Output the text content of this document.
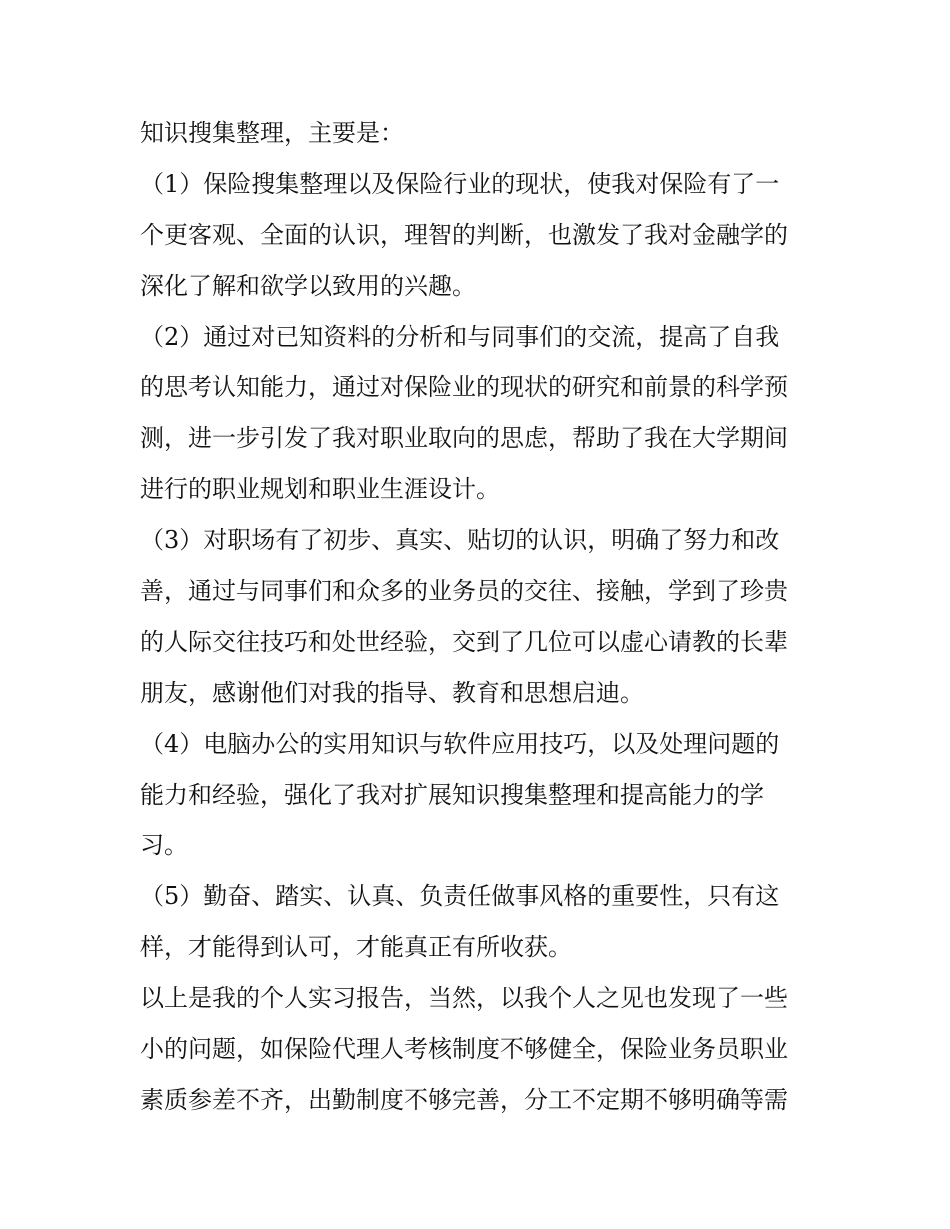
知识搜集整理，主要是：
（1）保险搜集整理以及保险行业的现状，使我对保险有了一
个更客观、全面的认识，理智的判断，也激发了我对金融学的
深化了解和欲学以致用的兴趣。
（2）通过对已知资料的分析和与同事们的交流，提高了自我
的思考认知能力，通过对保险业的现状的研究和前景的科学预
测，进一步引发了我对职业取向的思虑，帮助了我在大学期间
进行的职业规划和职业生涯设计。
（3）对职场有了初步、真实、贴切的认识，明确了努力和改
善，通过与同事们和众多的业务员的交往、接触，学到了珍贵
的人际交往技巧和处世经验，交到了几位可以虚心请教的长辈
朋友，感谢他们对我的指导、教育和思想启迪。
（4）电脑办公的实用知识与软件应用技巧，以及处理问题的
能力和经验，强化了我对扩展知识搜集整理和提高能力的学
习。
（5）勤奋、踏实、认真、负责任做事风格的重要性，只有这
样，才能得到认可，才能真正有所收获。
以上是我的个人实习报告，当然，以我个人之见也发现了一些
小的问题，如保险代理人考核制度不够健全，保险业务员职业
素质参差不齐，出勤制度不够完善，分工不定期不够明确等需
